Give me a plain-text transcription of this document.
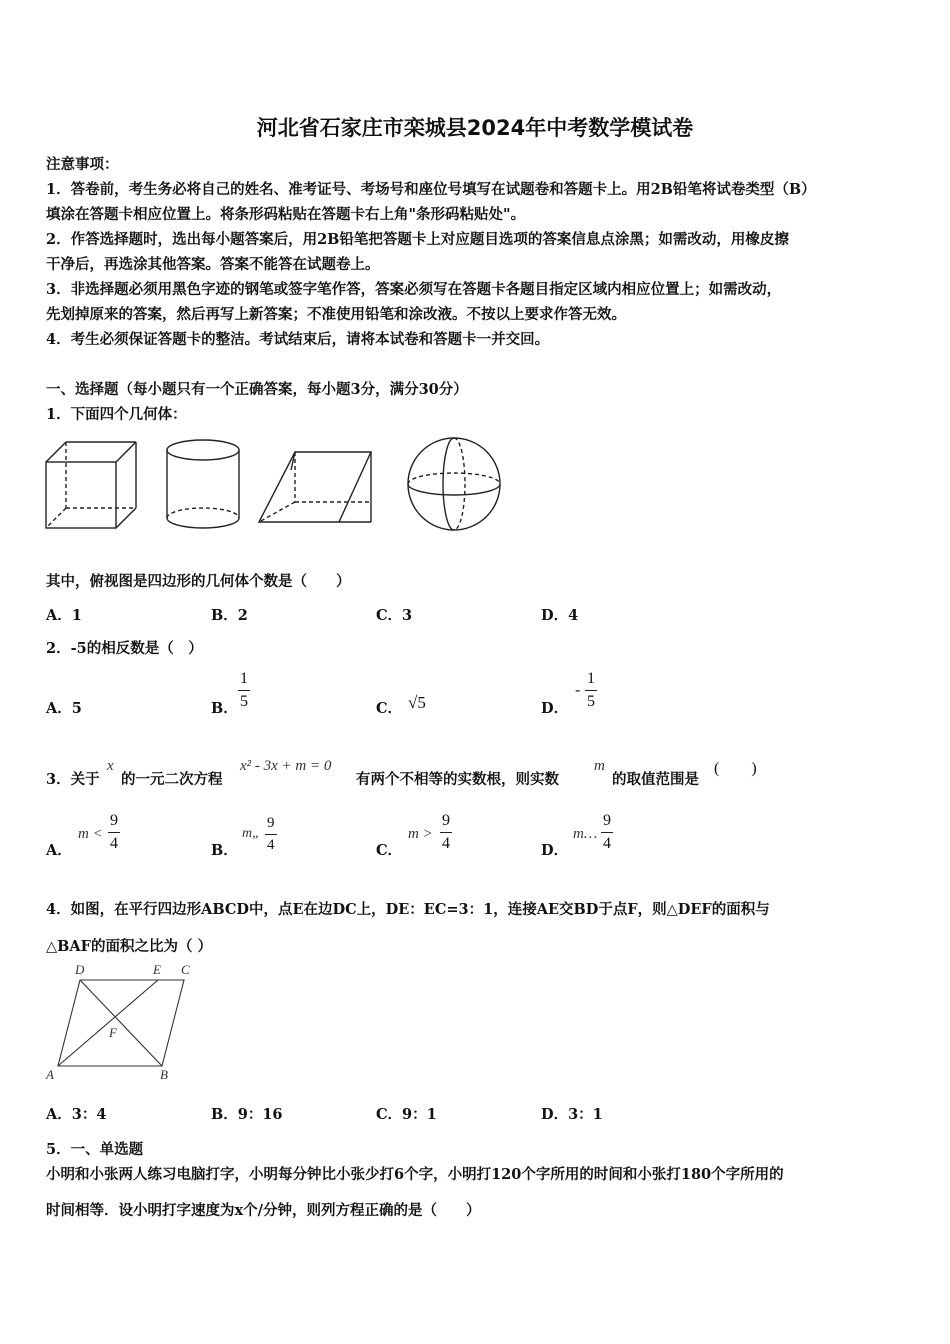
河北省石家庄市栾城县2024年中考数学模试卷
注意事项：
1．答卷前，考生务必将自己的姓名、准考证号、考场号和座位号填写在试题卷和答题卡上。用2B铅笔将试卷类型（B）
填涂在答题卡相应位置上。将条形码粘贴在答题卡右上角"条形码粘贴处"。
2．作答选择题时，选出每小题答案后，用2B铅笔把答题卡上对应题目选项的答案信息点涂黑；如需改动，用橡皮擦
干净后，再选涂其他答案。答案不能答在试题卷上。
3．非选择题必须用黑色字迹的钢笔或签字笔作答，答案必须写在答题卡各题目指定区域内相应位置上；如需改动，
先划掉原来的答案，然后再写上新答案；不准使用铅笔和涂改液。不按以上要求作答无效。
4．考生必须保证答题卡的整洁。考试结束后，请将本试卷和答题卡一并交回。
一、选择题（每小题只有一个正确答案，每小题3分，满分30分）
1．下面四个几何体：
其中，俯视图是四边形的几何体个数是（　　）
A．1	B．2	C．3	D．4
2．-5的相反数是（　）
A．5	B． $\frac{1}{5}$	C． √5	D．
- $\frac{1}{5}$
3．关于
x
的一元二次方程
x² - 3x + m = 0
有两个不相等的实数根，则实数
m
的取值范围是
(　　)
A．
$m < \frac{9}{4}$	B．
m„ $\frac{9}{4}$	C．
$m > \frac{9}{4}$	D．
m… $\frac{9}{4}$
4．如图，在平行四边形ABCD中，点E在边DC上，DE：EC=3：1，连接AE交BD于点F，则△DEF的面积与
△BAF的面积之比为（ ）
D	E C
F
A	B
A．3：4	B．9：16	C．9：1	D．3：1
5．一、单选题
小明和小张两人练习电脑打字，小明每分钟比小张少打6个字，小明打120个字所用的时间和小张打180个字所用的
时间相等．设小明打字速度为x个/分钟，则列方程正确的是（　　）
